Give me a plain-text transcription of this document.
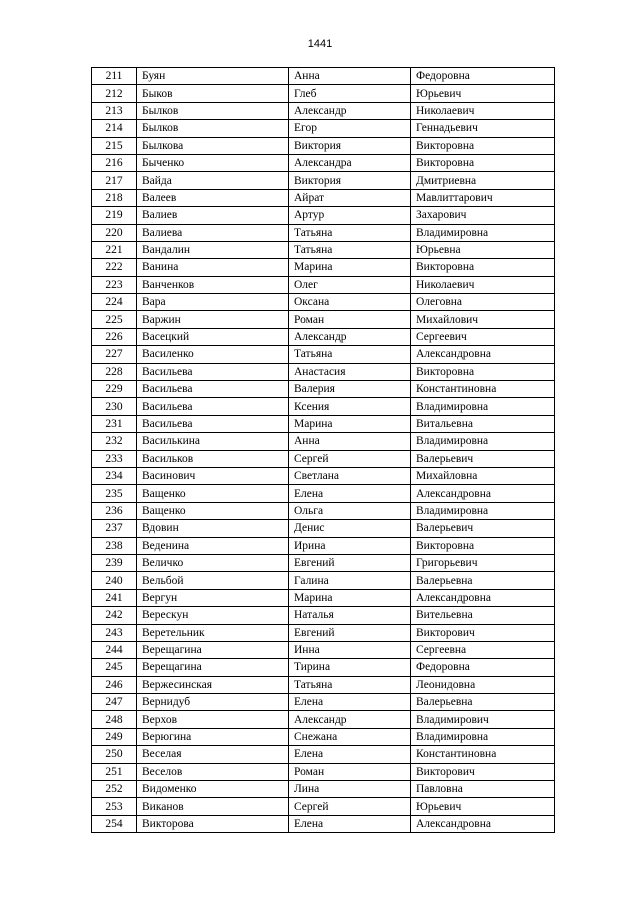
1441
211	Буян	Анна	Федоровна
212	Быков	Глеб	Юрьевич
213	Былков	Александр	Николаевич
214	Былков	Егор	Геннадьевич
215	Былкова	Виктория	Викторовна
216	Быченко	Александра	Викторовна
217	Вайда	Виктория	Дмитриевна
218	Валеев	Айрат	Мавлиттарович
219	Валиев	Артур	Захарович
220	Валиева	Татьяна	Владимировна
221	Вандалин	Татьяна	Юрьевна
222	Ванина	Марина	Викторовна
223	Ванченков	Олег	Николаевич
224	Вара	Оксана	Олеговна
225	Варжин	Роман	Михайлович
226	Васецкий	Александр	Сергеевич
227	Василенко	Татьяна	Александровна
228	Васильева	Анастасия	Викторовна
229	Васильева	Валерия	Константиновна
230	Васильева	Ксения	Владимировна
231	Васильева	Марина	Витальевна
232	Василькина	Анна	Владимировна
233	Васильков	Сергей	Валерьевич
234	Васинович	Светлана	Михайловна
235	Ващенко	Елена	Александровна
236	Ващенко	Ольга	Владимировна
237	Вдовин	Денис	Валерьевич
238	Веденина	Ирина	Викторовна
239	Величко	Евгений	Григорьевич
240	Вельбой	Галина	Валерьевна
241	Вергун	Марина	Александровна
242	Верескун	Наталья	Вительевна
243	Веретельник	Евгений	Викторович
244	Верещагина	Инна	Сергеевна
245	Верещагина	Тирина	Федоровна
246	Вержесинская	Татьяна	Леонидовна
247	Вернидуб	Елена	Валерьевна
248	Верхов	Александр	Владимирович
249	Верюгина	Снежана	Владимировна
250	Веселая	Елена	Константиновна
251	Веселов	Роман	Викторович
252	Видоменко	Лина	Павловна
253	Виканов	Сергей	Юрьевич
254	Викторова	Елена	Александровна
